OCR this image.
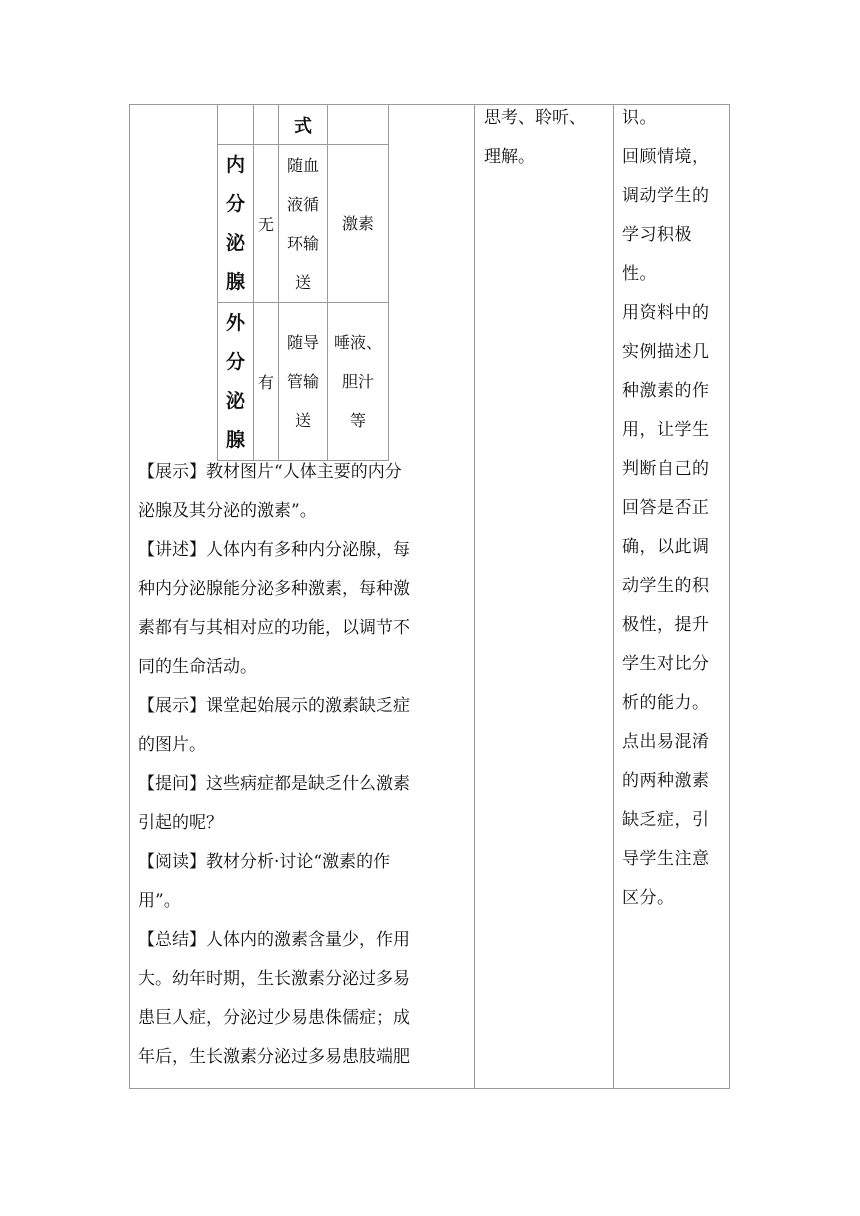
		式	

内
分
泌
腺	无	随血
液循
环输
送	激素

外
分
泌
腺	有	随导
管输
送	唾液、
胆汁
等
【展示】教材图片“人体主要的内分
泌腺及其分泌的激素”。
【讲述】人体内有多种内分泌腺，每
种内分泌腺能分泌多种激素，每种激
素都有与其相对应的功能，以调节不
同的生命活动。
【展示】课堂起始展示的激素缺乏症
的图片。
【提问】这些病症都是缺乏什么激素
引起的呢？
【阅读】教材分析·讨论“激素的作
用”。
【总结】人体内的激素含量少，作用
大。幼年时期，生长激素分泌过多易
患巨人症，分泌过少易患侏儒症；成
年后，生长激素分泌过多易患肢端肥
思考、聆听、
理解。
识。
回顾情境，
调动学生的
学习积极
性。
用资料中的
实例描述几
种激素的作
用，让学生
判断自己的
回答是否正
确，以此调
动学生的积
极性，提升
学生对比分
析的能力。
点出易混淆
的两种激素
缺乏症，引
导学生注意
区分。
